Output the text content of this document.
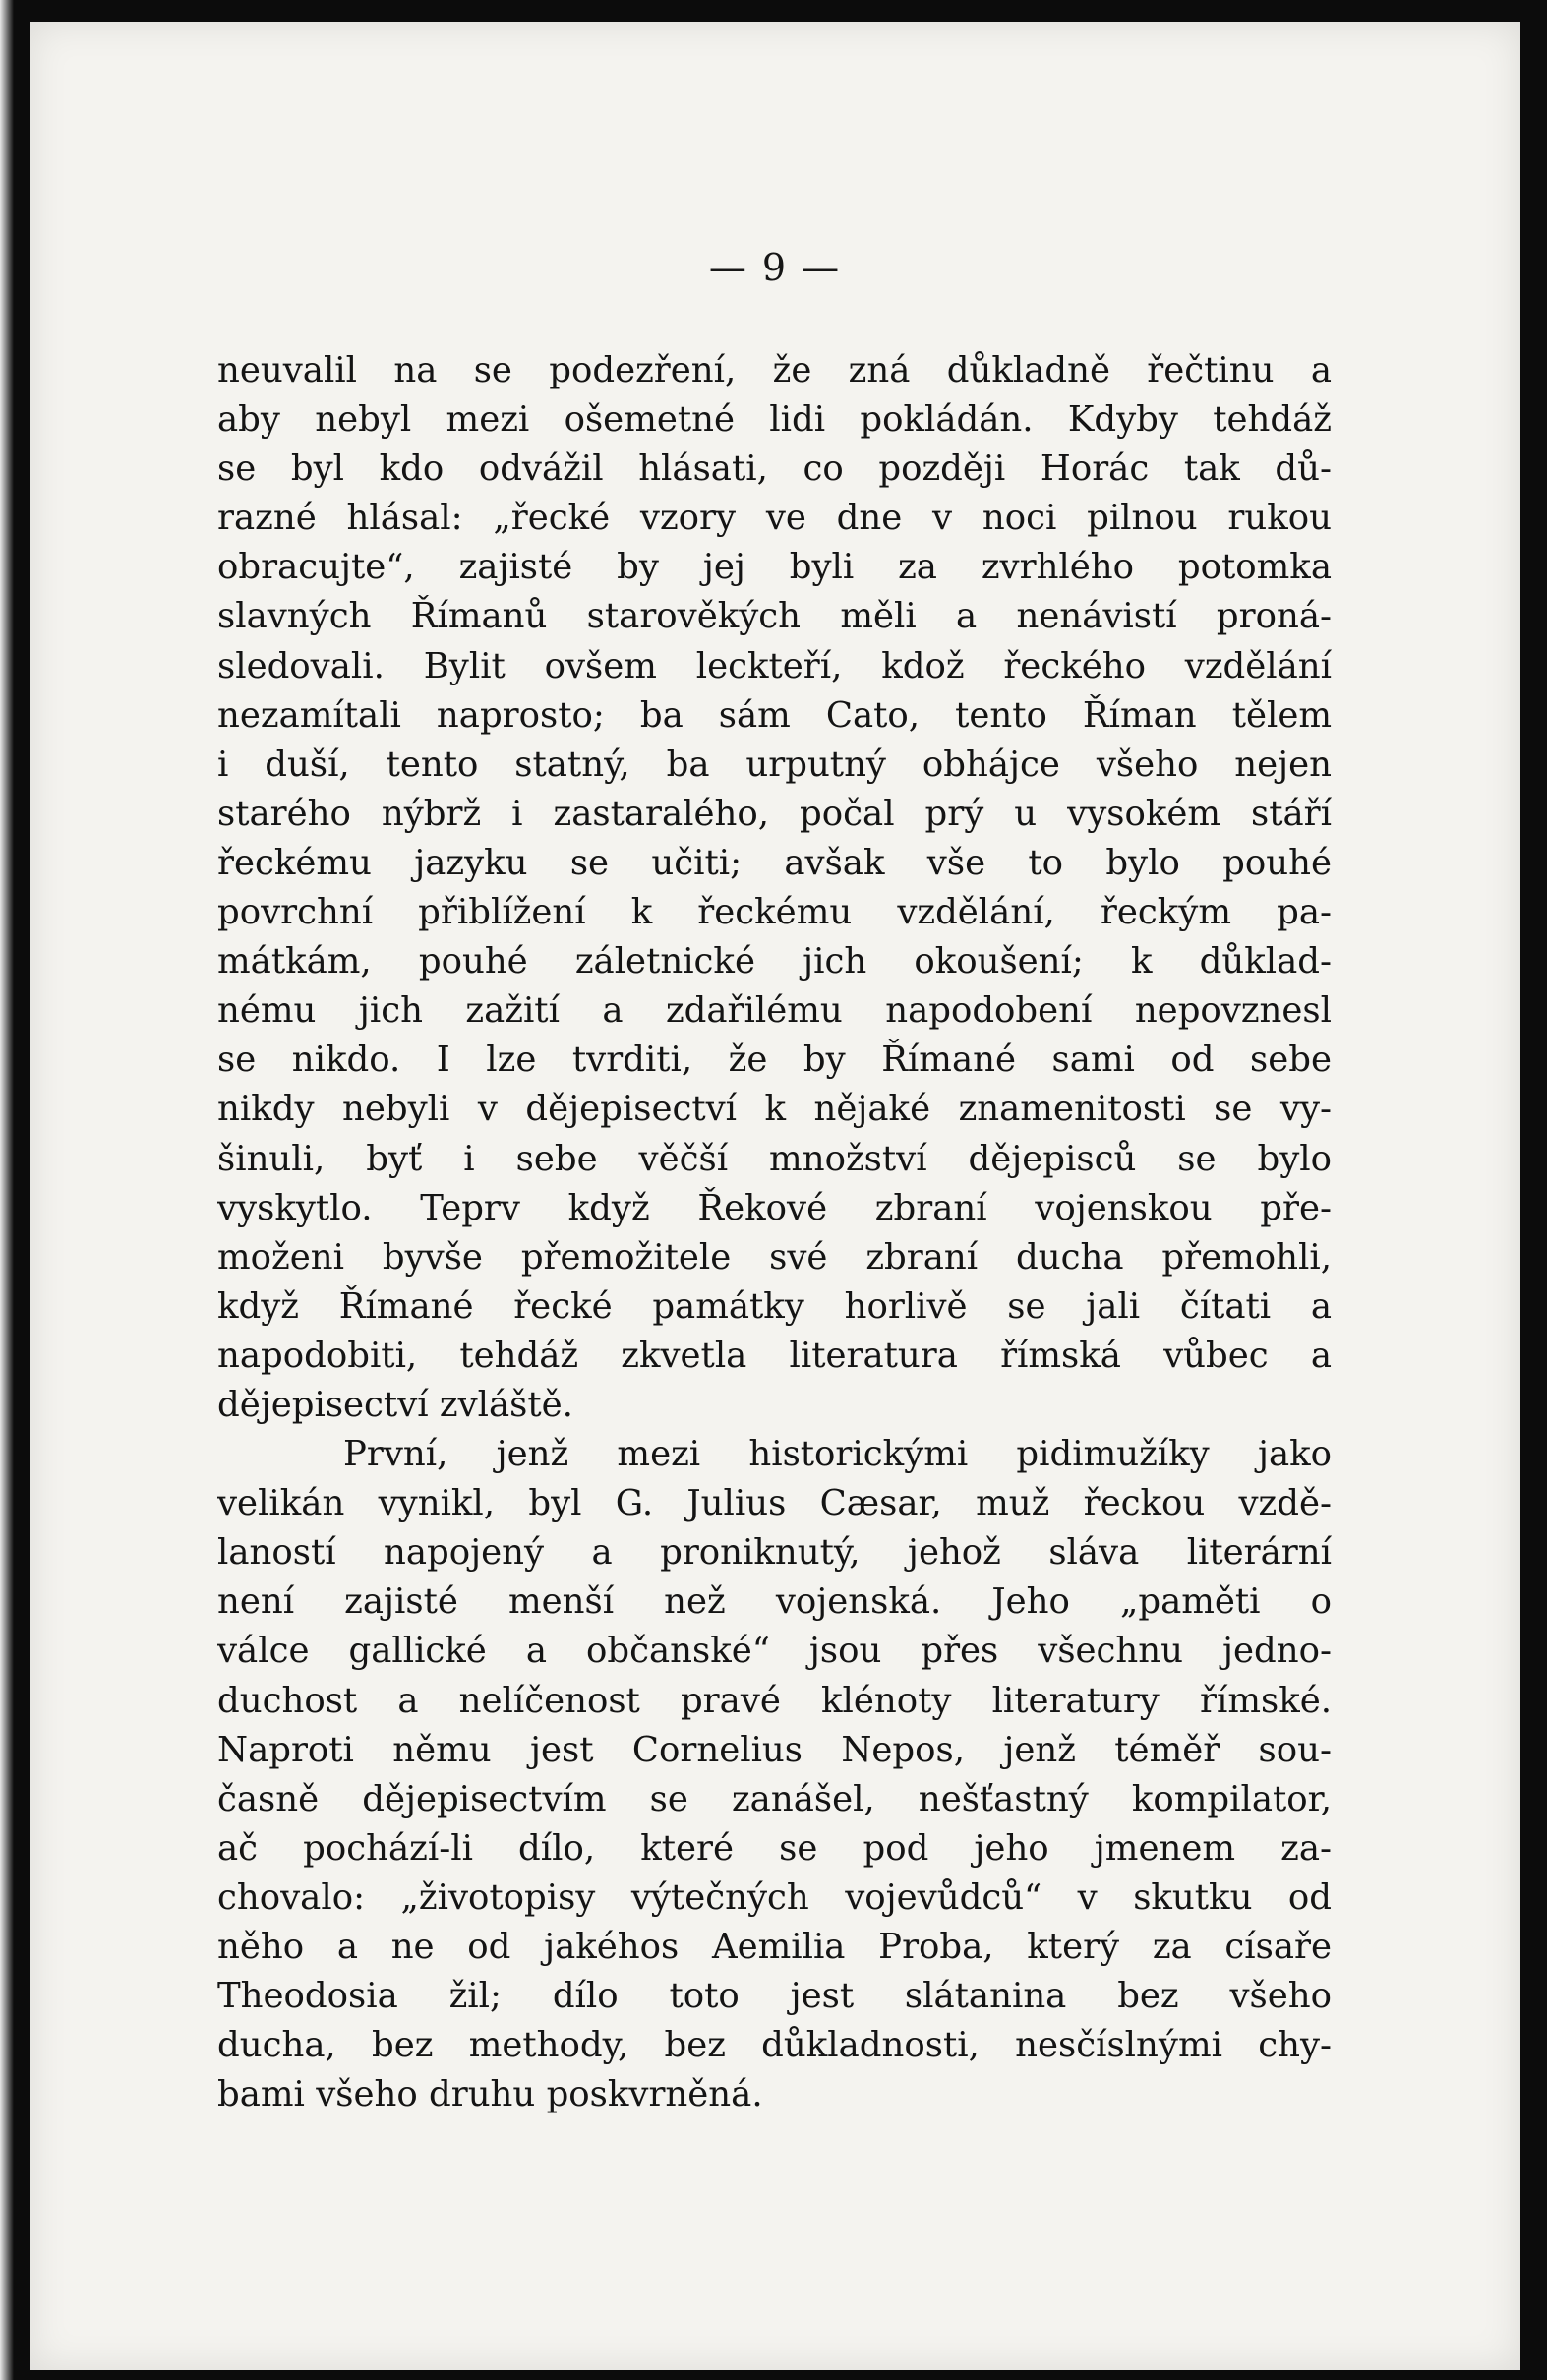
— 9 —
neuvalil na se podezření, že zná důkladně řečtinu a
aby nebyl mezi ošemetné lidi pokládán. Kdyby tehdáž
se byl kdo odvážil hlásati, co později Horác tak dů-
razné hlásal: „řecké vzory ve dne v noci pilnou rukou
obracujte“, zajisté by jej byli za zvrhlého potomka
slavných Římanů starověkých měli a nenávistí proná-
sledovali. Bylit ovšem leckteří, kdož řeckého vzdělání
nezamítali naprosto; ba sám Cato, tento Říman tělem
i duší, tento statný, ba urputný obhájce všeho nejen
starého nýbrž i zastaralého, počal prý u vysokém stáří
řeckému jazyku se učiti; avšak vše to bylo pouhé
povrchní přiblížení k řeckému vzdělání, řeckým pa-
mátkám, pouhé záletnické jich okoušení; k důklad-
nému jich zažití a zdařilému napodobení nepovznesl
se nikdo. I lze tvrditi, že by Římané sami od sebe
nikdy nebyli v dějepisectví k nějaké znamenitosti se vy-
šinuli, byť i sebe věčší množství dějepisců se bylo
vyskytlo. Teprv když Řekové zbraní vojenskou pře-
moženi byvše přemožitele své zbraní ducha přemohli,
když Římané řecké památky horlivě se jali čítati a
napodobiti, tehdáž zkvetla literatura římská vůbec a
dějepisectví zvláště.
První, jenž mezi historickými pidimužíky jako
velikán vynikl, byl G. Julius Cæsar, muž řeckou vzdě-
laností napojený a proniknutý, jehož sláva literární
není zajisté menší než vojenská. Jeho „paměti o
válce gallické a občanské“ jsou přes všechnu jedno-
duchost a nelíčenost pravé klénoty literatury římské.
Naproti němu jest Cornelius Nepos, jenž téměř sou-
časně dějepisectvím se zanášel, nešťastný kompilator,
ač pochází-li dílo, které se pod jeho jmenem za-
chovalo: „životopisy výtečných vojevůdců“ v skutku od
něho a ne od jakéhos Aemilia Proba, který za císaře
Theodosia žil; dílo toto jest slátanina bez všeho
ducha, bez methody, bez důkladnosti, nesčíslnými chy-
bami všeho druhu poskvrněná.
